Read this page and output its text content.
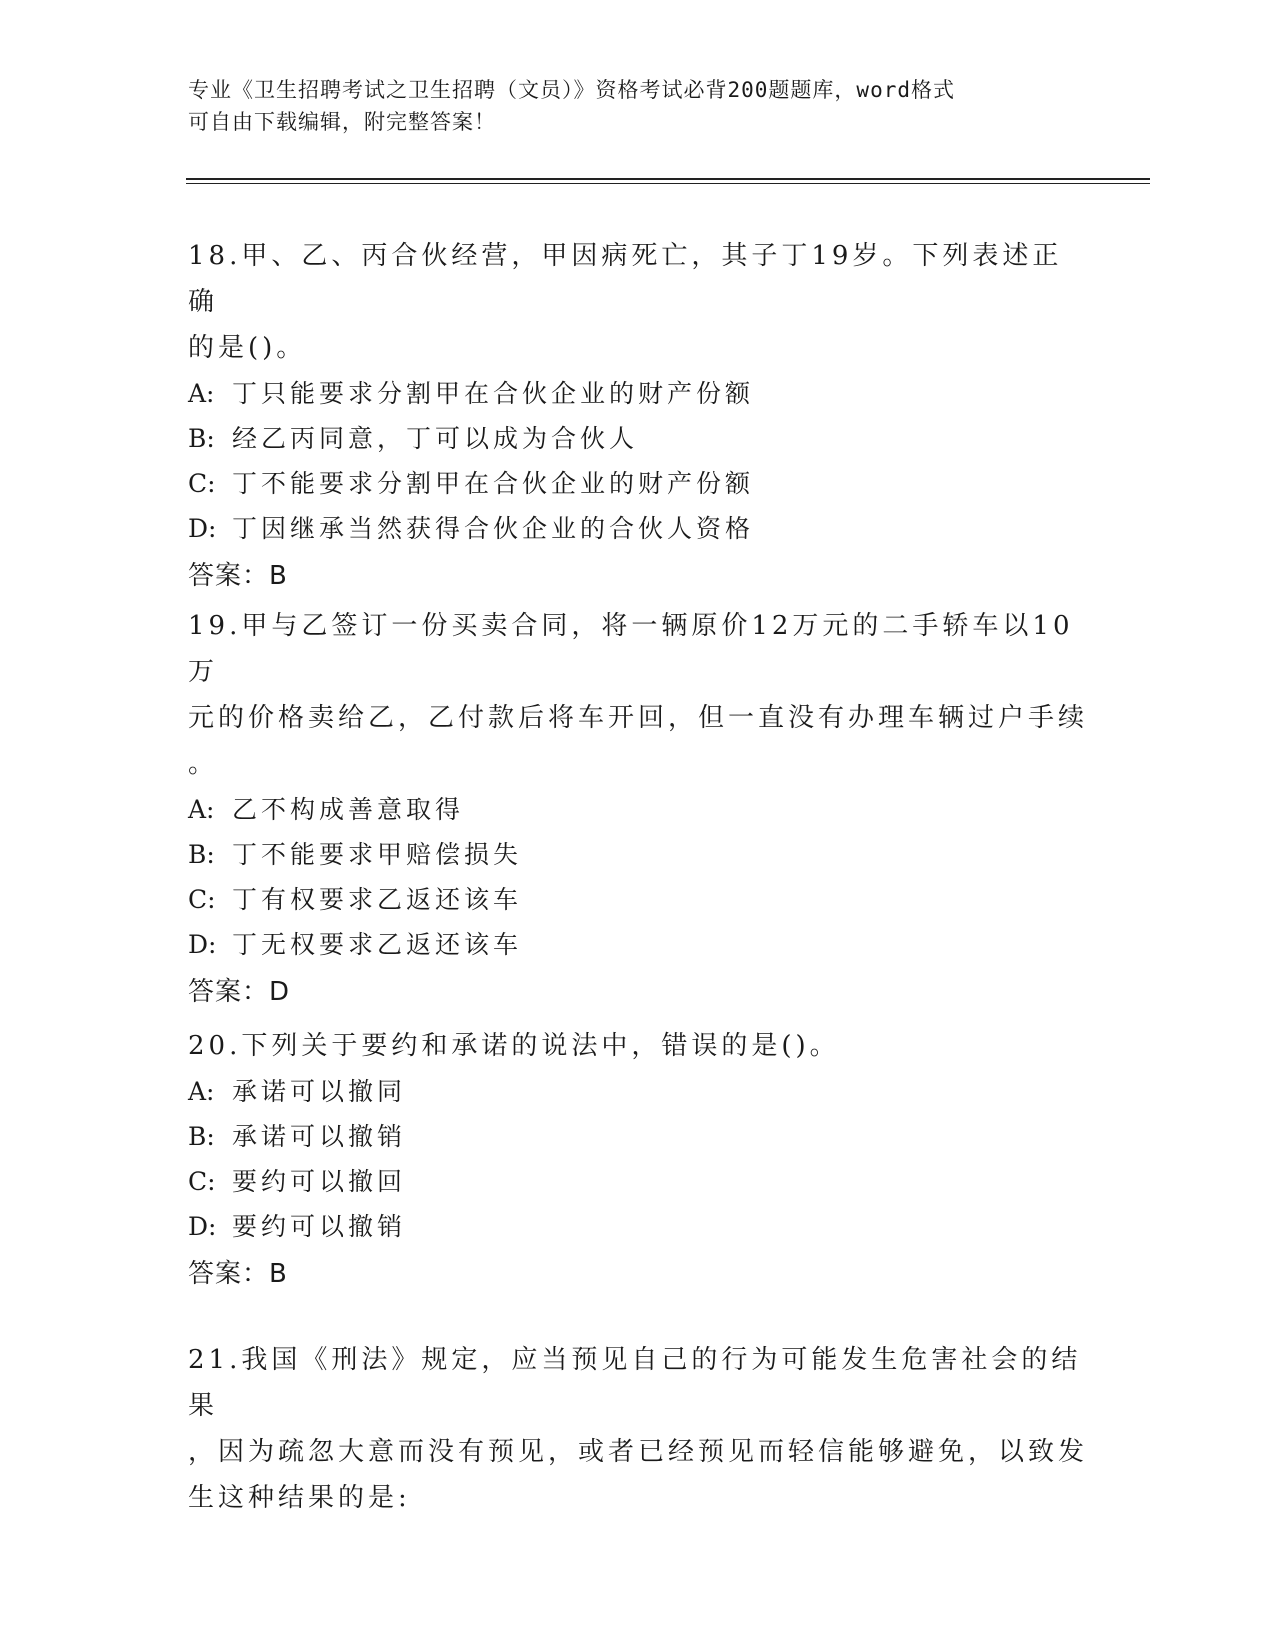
专业《卫生招聘考试之卫生招聘（文员）》资格考试必背200题题库，word格式
可自由下载编辑，附完整答案！
18.甲、乙、丙合伙经营，甲因病死亡，其子丁19岁。下列表述正确
的是()。
A: 丁只能要求分割甲在合伙企业的财产份额
B: 经乙丙同意，丁可以成为合伙人
C: 丁不能要求分割甲在合伙企业的财产份额
D: 丁因继承当然获得合伙企业的合伙人资格
答案：B
19.甲与乙签订一份买卖合同，将一辆原价12万元的二手轿车以10万
元的价格卖给乙，乙付款后将车开回，但一直没有办理车辆过户手续
。
A: 乙不构成善意取得
B: 丁不能要求甲赔偿损失
C: 丁有权要求乙返还该车
D: 丁无权要求乙返还该车
答案：D
20.下列关于要约和承诺的说法中，错误的是()。
A: 承诺可以撤同
B: 承诺可以撤销
C: 要约可以撤回
D: 要约可以撤销
答案：B
21.我国《刑法》规定，应当预见自己的行为可能发生危害社会的结果
，因为疏忽大意而没有预见，或者已经预见而轻信能够避免，以致发
生这种结果的是:
